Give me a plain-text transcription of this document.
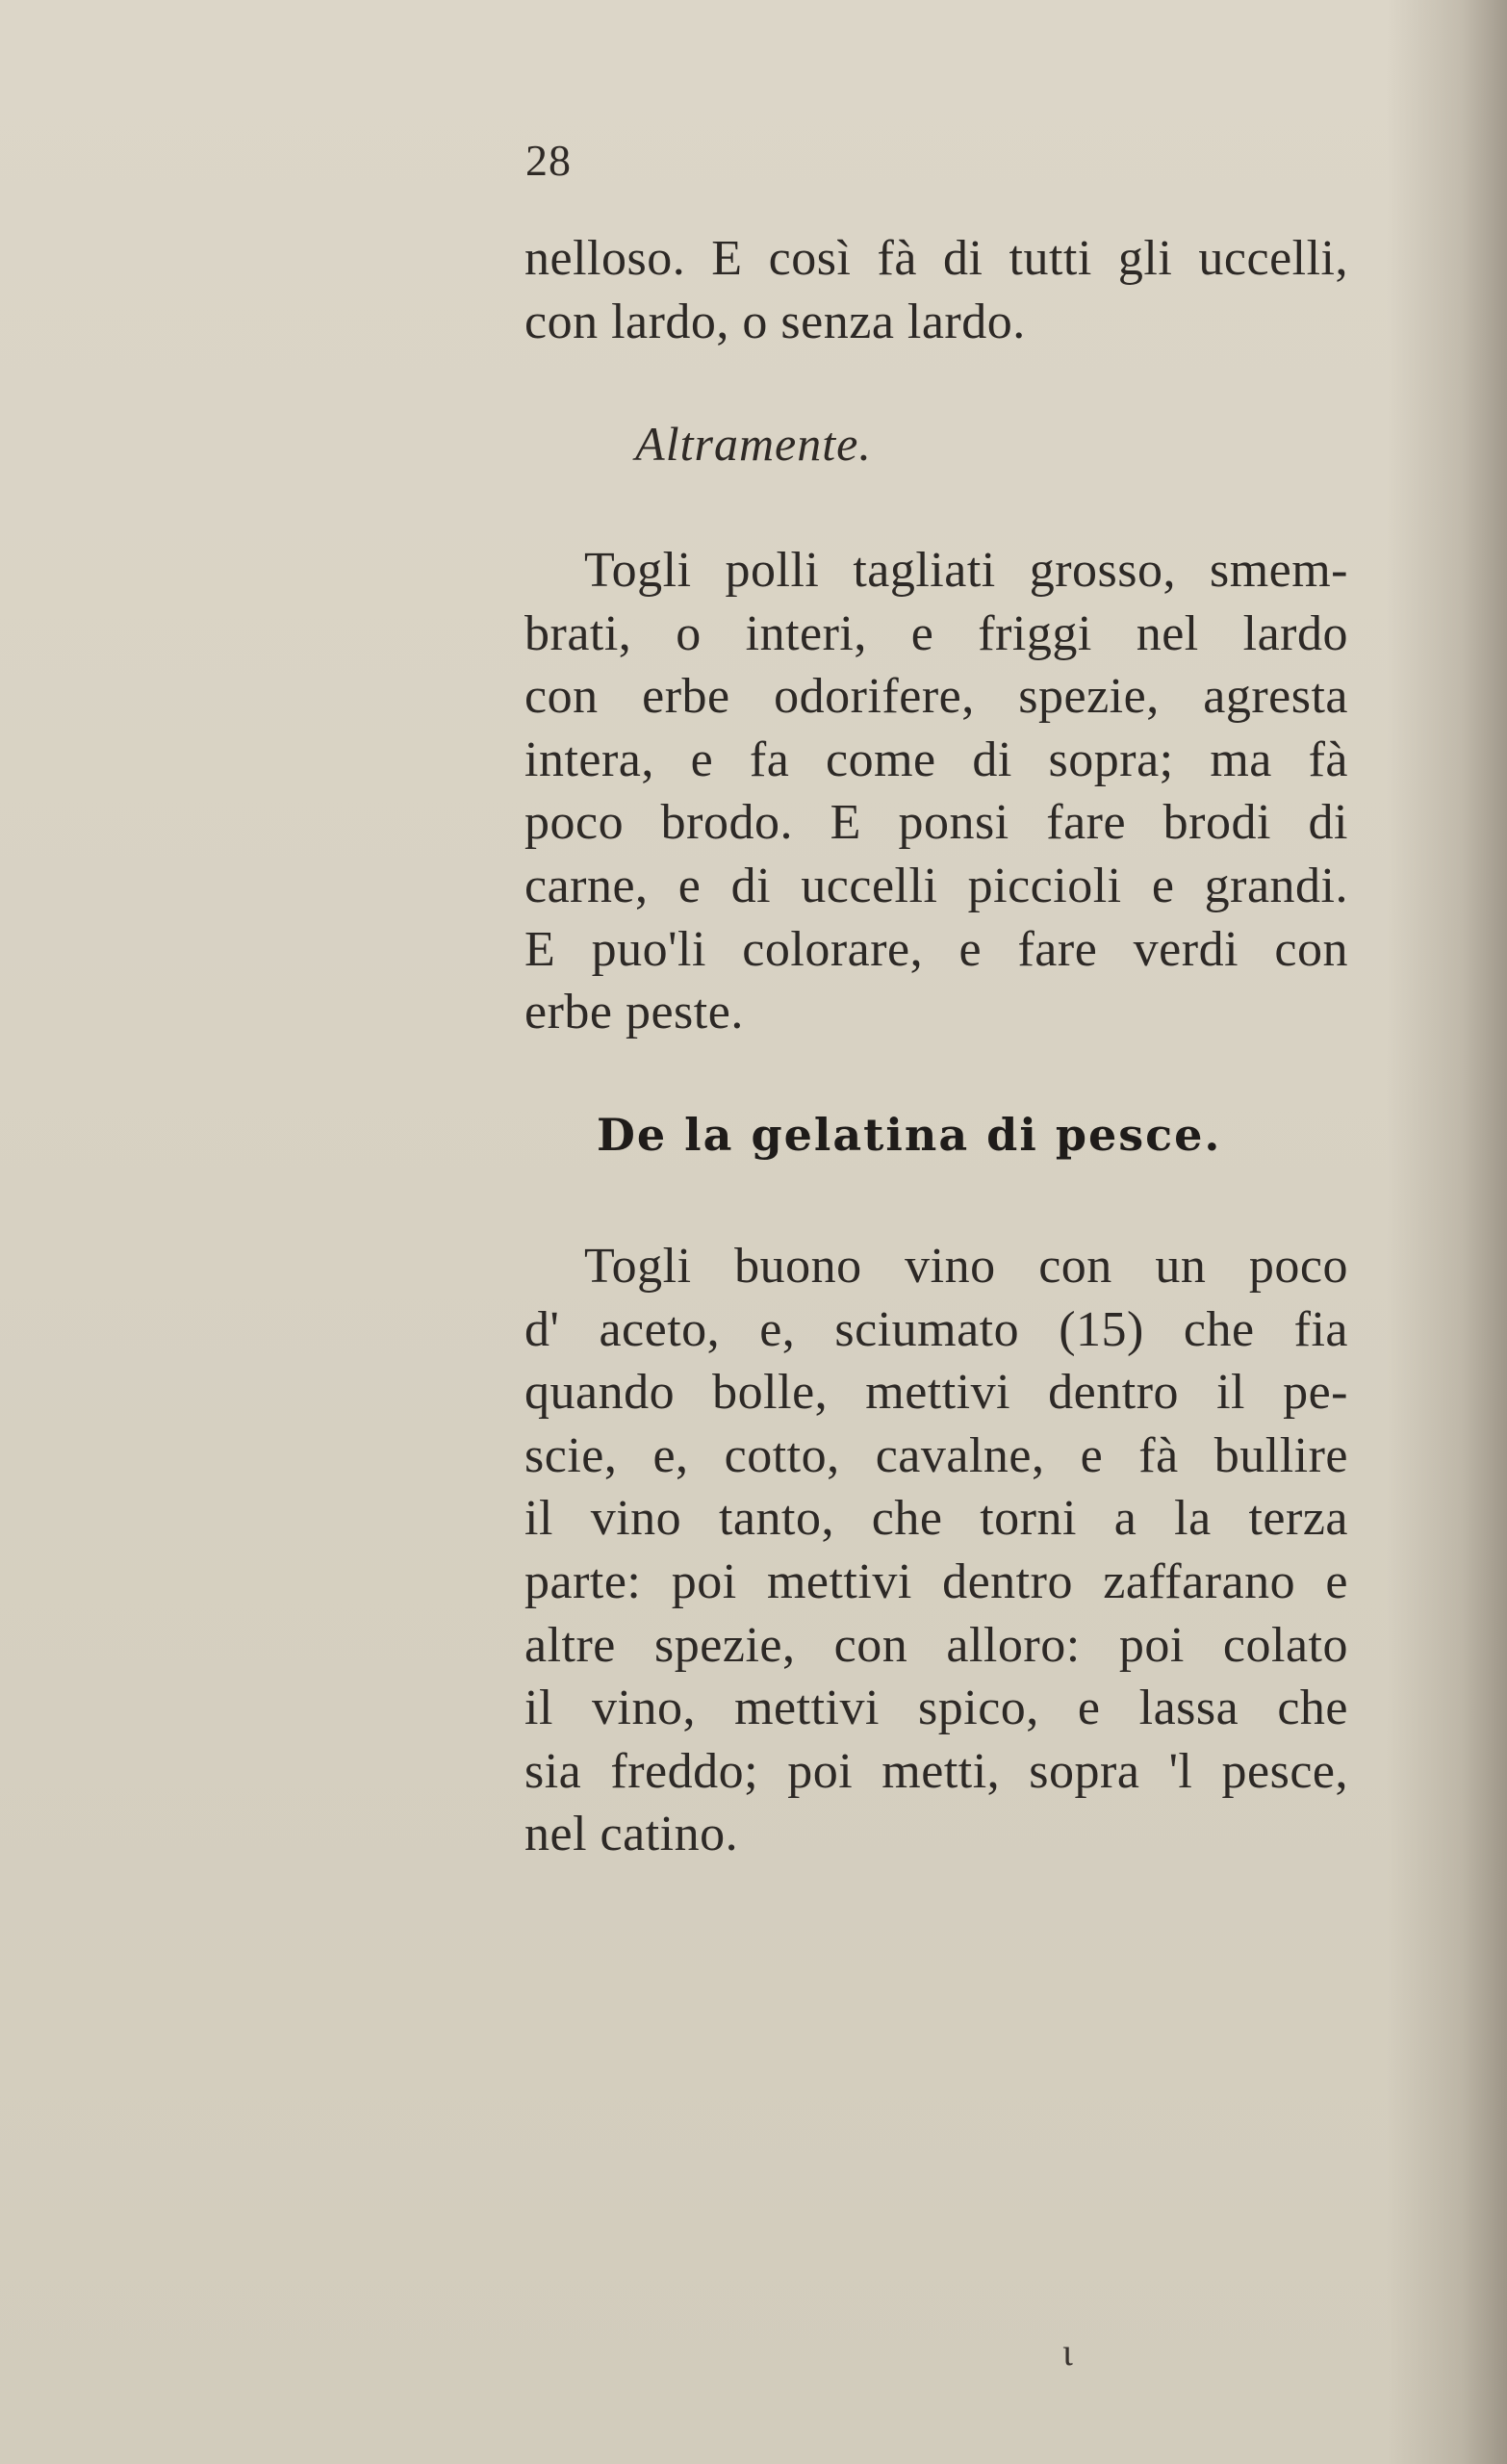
28
nelloso. E così fà di tutti gli uccelli,
con lardo, o senza lardo.
Altramente.
Togli polli tagliati grosso, smem-
brati, o interi, e friggi nel lardo
con erbe odorifere, spezie, agresta
intera, e fa come di sopra; ma fà
poco brodo. E ponsi fare brodi di
carne, e di uccelli piccioli e grandi.
E puo'li colorare, e fare verdi con
erbe peste.
De la gelatina di pesce.
Togli buono vino con un poco
d' aceto, e, sciumato (15) che fia
quando bolle, mettivi dentro il pe-
scie, e, cotto, cavalne, e fà bullire
il vino tanto, che torni a la terza
parte: poi mettivi dentro zaffarano e
altre spezie, con alloro: poi colato
il vino, mettivi spico, e lassa che
sia freddo; poi metti, sopra 'l pesce,
nel catino.
ι
